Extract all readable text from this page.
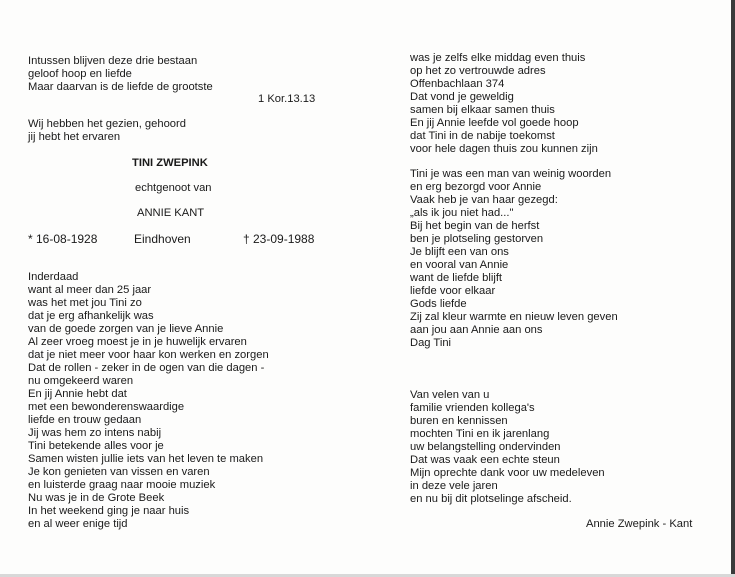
Intussen blijven deze drie bestaan
geloof hoop en liefde
Maar daarvan is de liefde de grootste
1 Kor.13.13
Wij hebben het gezien, gehoord
jij hebt het ervaren
TINI ZWEPINK
echtgenoot van
ANNIE KANT
* 16-08-1928	Eindhoven	† 23-09-1988
Inderdaad
want al meer dan 25 jaar
was het met jou Tini zo
dat je erg afhankelijk was
van de goede zorgen van je lieve Annie
Al zeer vroeg moest je in je huwelijk ervaren
dat je niet meer voor haar kon werken en zorgen
Dat de rollen - zeker in de ogen van die dagen -
nu omgekeerd waren
En jij Annie hebt dat
met een bewonderenswaardige
liefde en trouw gedaan
Jij was hem zo intens nabij
Tini betekende alles voor je
Samen wisten jullie iets van het leven te maken
Je kon genieten van vissen en varen
en luisterde graag naar mooie muziek
Nu was je in de Grote Beek
In het weekend ging je naar huis
en al weer enige tijd
was je zelfs elke middag even thuis
op het zo vertrouwde adres
Offenbachlaan 374
Dat vond je geweldig
samen bij elkaar samen thuis
En jij Annie leefde vol goede hoop
dat Tini in de nabije toekomst
voor hele dagen thuis zou kunnen zijn
Tini je was een man van weinig woorden
en erg bezorgd voor Annie
Vaak heb je van haar gezegd:
„als ik jou niet had..."
Bij het begin van de herfst
ben je plotseling gestorven
Je blijft een van ons
en vooral van Annie
want de liefde blijft
liefde voor elkaar
Gods liefde
Zij zal kleur warmte en nieuw leven geven
aan jou aan Annie aan ons
Dag Tini
Van velen van u
familie vrienden kollega's
buren en kennissen
mochten Tini en ik jarenlang
uw belangstelling ondervinden
Dat was vaak een echte steun
Mijn oprechte dank voor uw medeleven
in deze vele jaren
en nu bij dit plotselinge afscheid.
Annie Zwepink - Kant
